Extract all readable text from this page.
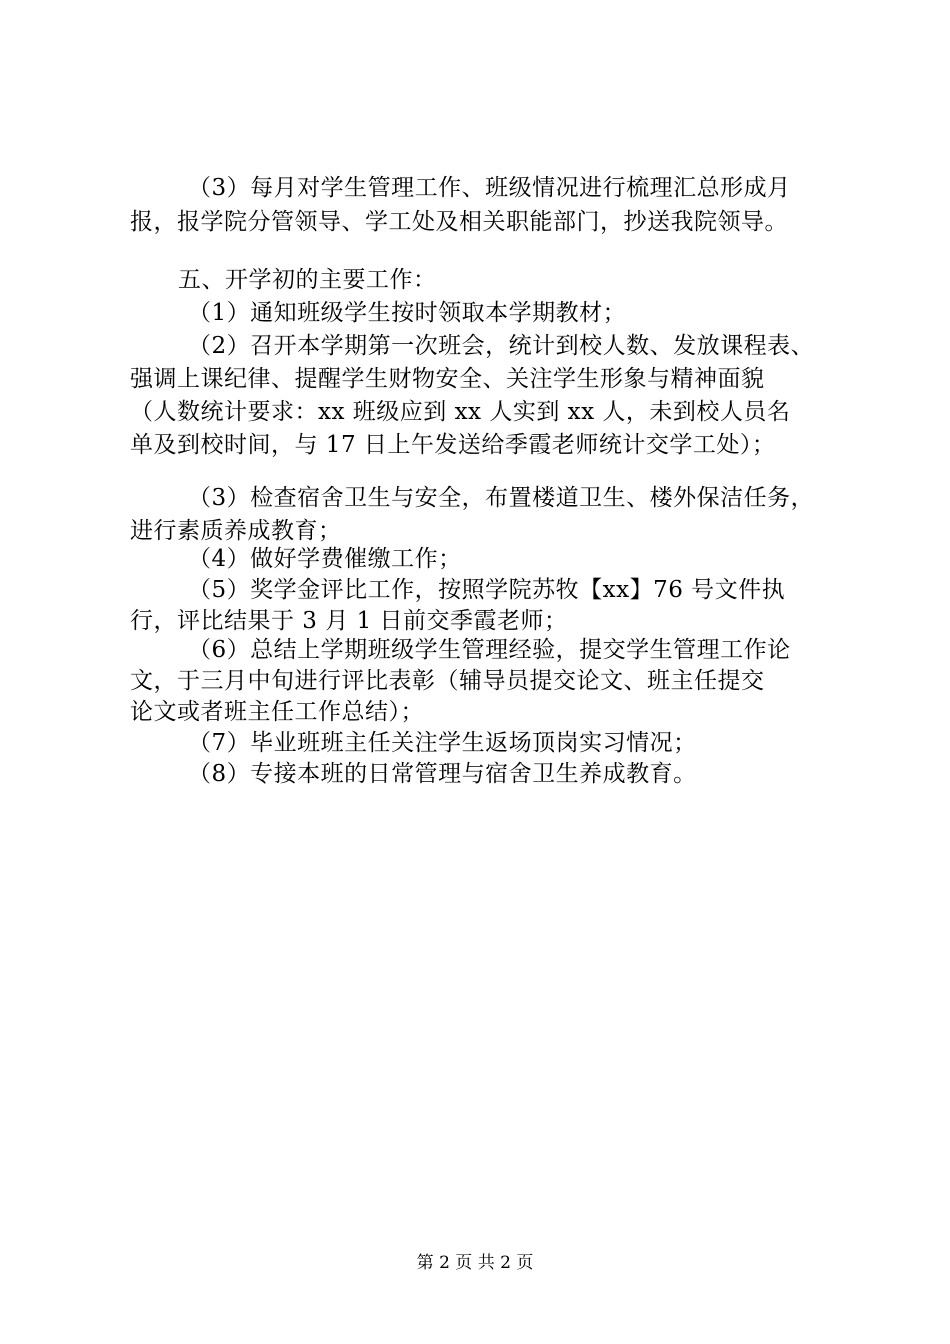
（3）每月对学生管理工作、班级情况进行梳理汇总形成月
报，报学院分管领导、学工处及相关职能部门，抄送我院领导。
五、开学初的主要工作：
（1）通知班级学生按时领取本学期教材；
（2）召开本学期第一次班会，统计到校人数、发放课程表、
强调上课纪律、提醒学生财物安全、关注学生形象与精神面貌
（人数统计要求：xx 班级应到 xx 人实到 xx 人，未到校人员名
单及到校时间，与 17 日上午发送给季霞老师统计交学工处）；
（3）检查宿舍卫生与安全，布置楼道卫生、楼外保洁任务，
进行素质养成教育；
（4）做好学费催缴工作；
（5）奖学金评比工作，按照学院苏牧【xx】76 号文件执
行，评比结果于 3 月 1 日前交季霞老师；
（6）总结上学期班级学生管理经验，提交学生管理工作论
文，于三月中旬进行评比表彰（辅导员提交论文、班主任提交
论文或者班主任工作总结）；
（7）毕业班班主任关注学生返场顶岗实习情况；
（8）专接本班的日常管理与宿舍卫生养成教育。
第 2 页 共 2 页
